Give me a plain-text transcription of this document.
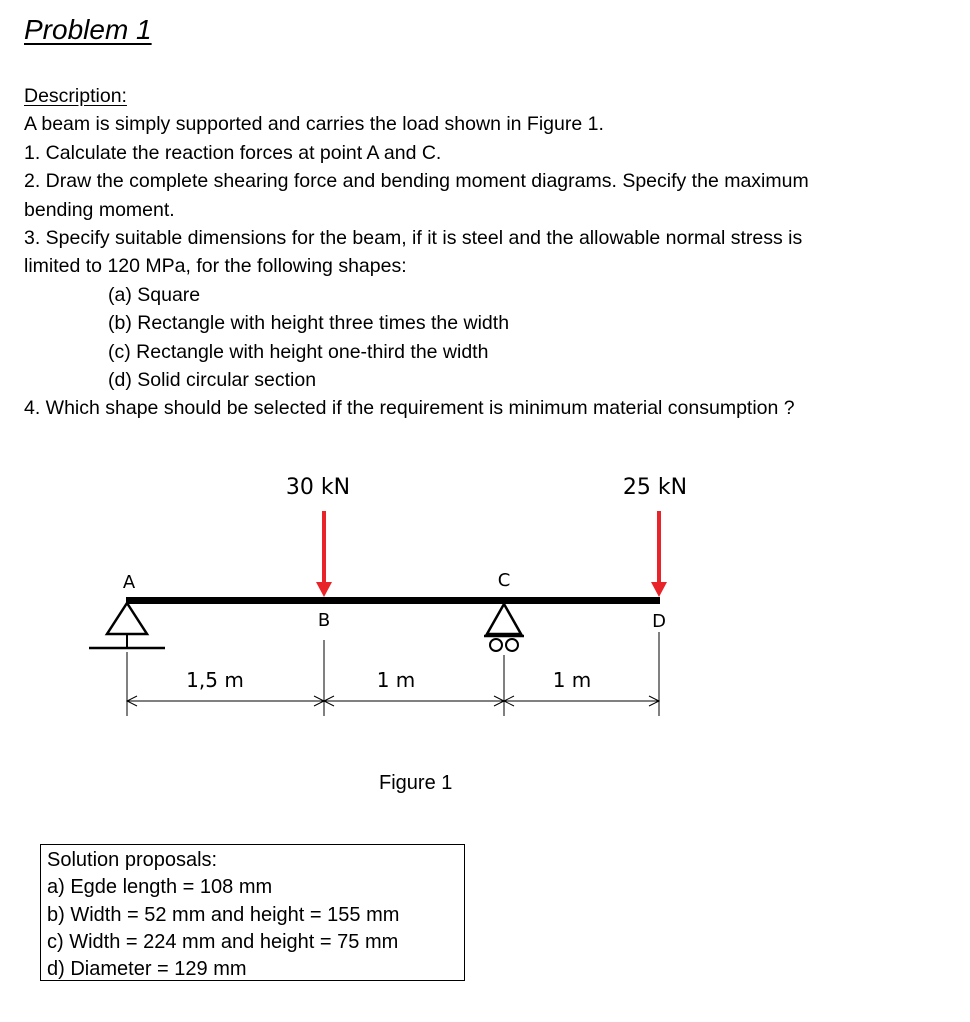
Problem 1
Description:
A beam is simply supported and carries the load shown in Figure 1.
1. Calculate the reaction forces at point A and C.
2. Draw the complete shearing force and bending moment diagrams. Specify the maximum
bending moment.
3. Specify suitable dimensions for the beam, if it is steel and the allowable normal stress is
limited to 120 MPa, for the following shapes:
(a) Square
(b) Rectangle with height three times the width
(c) Rectangle with height one-third the width
(d) Solid circular section
4. Which shape should be selected if the requirement is minimum material consumption ?
30 kN	25 kN
A	C
B	D
1,5 m	1 m	1 m
Figure 1
Solution proposals:
a) Egde length = 108 mm
b) Width = 52 mm and height = 155 mm
c) Width = 224 mm and height = 75 mm
d) Diameter = 129 mm
